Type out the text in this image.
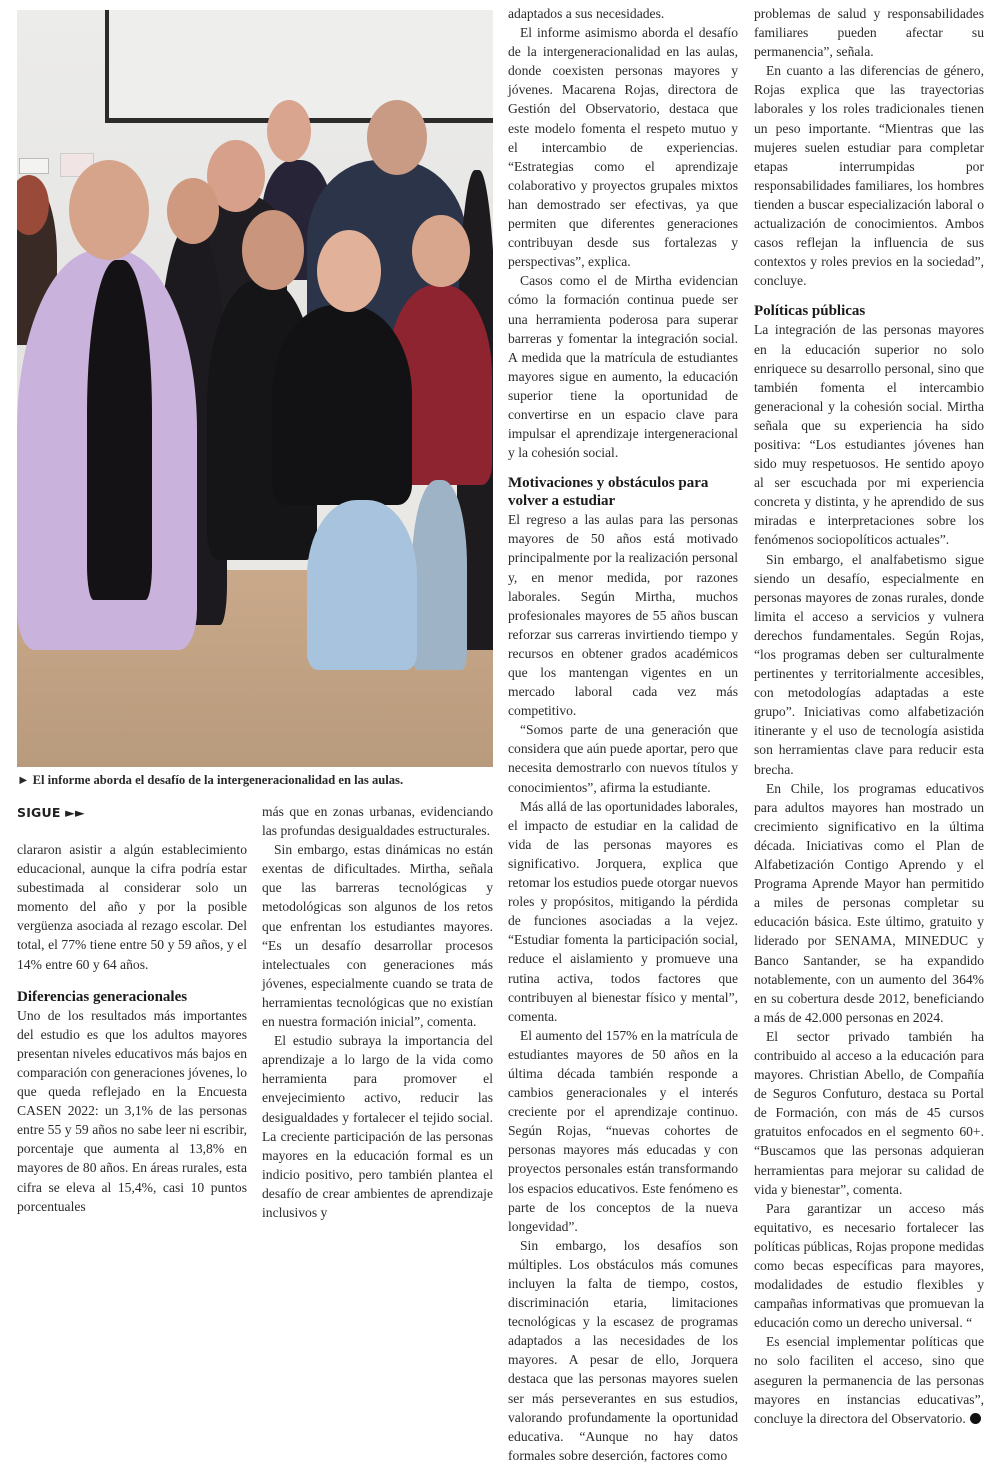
► El informe aborda el desafío de la intergeneracionalidad en las aulas.
SIGUE ►►

clararon asistir a algún establecimiento educacional, aunque la cifra podría estar subestimada al considerar solo un momento del año y por la posible vergüenza asociada al rezago escolar. Del total, el 77% tiene entre 50 y 59 años, y el 14% entre 60 y 64 años.

Diferencias generacionales

Uno de los resultados más importantes del estudio es que los adultos mayores presentan niveles educativos más bajos en comparación con generaciones jóvenes, lo que queda reflejado en la Encuesta CASEN 2022: un 3,1% de las personas entre 55 y 59 años no sabe leer ni escribir, porcentaje que aumenta al 13,8% en mayores de 80 años. En áreas rurales, esta cifra se eleva al 15,4%, casi 10 puntos porcentuales

más que en zonas urbanas, evidenciando las profundas desigualdades estructurales.

Sin embargo, estas dinámicas no están exentas de dificultades. Mirtha, señala que las barreras tecnológicas y metodológicas son algunos de los retos que enfrentan los estudiantes mayores. “Es un desafío desarrollar procesos intelectuales con generaciones más jóvenes, especialmente cuando se trata de herramientas tecnológicas que no existían en nuestra formación inicial”, comenta.

El estudio subraya la importancia del aprendizaje a lo largo de la vida como herramienta para promover el envejecimiento activo, reducir las desigualdades y fortalecer el tejido social. La creciente participación de las personas mayores en la educación formal es un indicio positivo, pero también plantea el desafío de crear ambientes de aprendizaje inclusivos y

adaptados a sus necesidades.

El informe asimismo aborda el desafío de la intergeneracionalidad en las aulas, donde coexisten personas mayores y jóvenes. Macarena Rojas, directora de Gestión del Observatorio, destaca que este modelo fomenta el respeto mutuo y el intercambio de experiencias. “Estrategias como el aprendizaje colaborativo y proyectos grupales mixtos han demostrado ser efectivas, ya que permiten que diferentes generaciones contribuyan desde sus fortalezas y perspectivas”, explica.

Casos como el de Mirtha evidencian cómo la formación continua puede ser una herramienta poderosa para superar barreras y fomentar la integración social. A medida que la matrícula de estudiantes mayores sigue en aumento, la educación superior tiene la oportunidad de convertirse en un espacio clave para impulsar el aprendizaje intergeneracional y la cohesión social.

Motivaciones y obstáculos para volver a estudiar

El regreso a las aulas para las personas mayores de 50 años está motivado principalmente por la realización personal y, en menor medida, por razones laborales. Según Mirtha, muchos profesionales mayores de 55 años buscan reforzar sus carreras invirtiendo tiempo y recursos en obtener grados académicos que los mantengan vigentes en un mercado laboral cada vez más competitivo.

“Somos parte de una generación que considera que aún puede aportar, pero que necesita demostrarlo con nuevos títulos y conocimientos”, afirma la estudiante.

Más allá de las oportunidades laborales, el impacto de estudiar en la calidad de vida de las personas mayores es significativo. Jorquera, explica que retomar los estudios puede otorgar nuevos roles y propósitos, mitigando la pérdida de funciones asociadas a la vejez. “Estudiar fomenta la participación social, reduce el aislamiento y promueve una rutina activa, todos factores que contribuyen al bienestar físico y mental”, comenta.

El aumento del 157% en la matrícula de estudiantes mayores de 50 años en la última década también responde a cambios generacionales y el interés creciente por el aprendizaje continuo. Según Rojas, “nuevas cohortes de personas mayores más educadas y con proyectos personales están transformando los espacios educativos. Este fenómeno es parte de los conceptos de la nueva longevidad”.

Sin embargo, los desafíos son múltiples. Los obstáculos más comunes incluyen la falta de tiempo, costos, discriminación etaria, limitaciones tecnológicas y la escasez de programas adaptados a las necesidades de los mayores. A pesar de ello, Jorquera destaca que las personas mayores suelen ser más perseverantes en sus estudios, valorando profundamente la oportunidad educativa. “Aunque no hay datos formales sobre deserción, factores como

problemas de salud y responsabilidades familiares pueden afectar su permanencia”, señala.

En cuanto a las diferencias de género, Rojas explica que las trayectorias laborales y los roles tradicionales tienen un peso importante. “Mientras que las mujeres suelen estudiar para completar etapas interrumpidas por responsabilidades familiares, los hombres tienden a buscar especialización laboral o actualización de conocimientos. Ambos casos reflejan la influencia de sus contextos y roles previos en la sociedad”, concluye.

Políticas públicas

La integración de las personas mayores en la educación superior no solo enriquece su desarrollo personal, sino que también fomenta el intercambio generacional y la cohesión social. Mirtha señala que su experiencia ha sido positiva: “Los estudiantes jóvenes han sido muy respetuosos. He sentido apoyo al ser escuchada por mi experiencia concreta y distinta, y he aprendido de sus miradas e interpretaciones sobre los fenómenos sociopolíticos actuales”.

Sin embargo, el analfabetismo sigue siendo un desafío, especialmente en personas mayores de zonas rurales, donde limita el acceso a servicios y vulnera derechos fundamentales. Según Rojas, “los programas deben ser culturalmente pertinentes y territorialmente accesibles, con metodologías adaptadas a este grupo”. Iniciativas como alfabetización itinerante y el uso de tecnología asistida son herramientas clave para reducir esta brecha.

En Chile, los programas educativos para adultos mayores han mostrado un crecimiento significativo en la última década. Iniciativas como el Plan de Alfabetización Contigo Aprendo y el Programa Aprende Mayor han permitido a miles de personas completar su educación básica. Este último, gratuito y liderado por SENAMA, MINEDUC y Banco Santander, se ha expandido notablemente, con un aumento del 364% en su cobertura desde 2012, beneficiando a más de 42.000 personas en 2024.

El sector privado también ha contribuido al acceso a la educación para mayores. Christian Abello, de Compañía de Seguros Confuturo, destaca su Portal de Formación, con más de 45 cursos gratuitos enfocados en el segmento 60+. “Buscamos que las personas adquieran herramientas para mejorar su calidad de vida y bienestar”, comenta.

Para garantizar un acceso más equitativo, es necesario fortalecer las políticas públicas, Rojas propone medidas como becas específicas para mayores, modalidades de estudio flexibles y campañas informativas que promuevan la educación como un derecho universal. “

Es esencial implementar políticas que no solo faciliten el acceso, sino que aseguren la permanencia de las personas mayores en instancias educativas”, concluye la directora del Observatorio.
